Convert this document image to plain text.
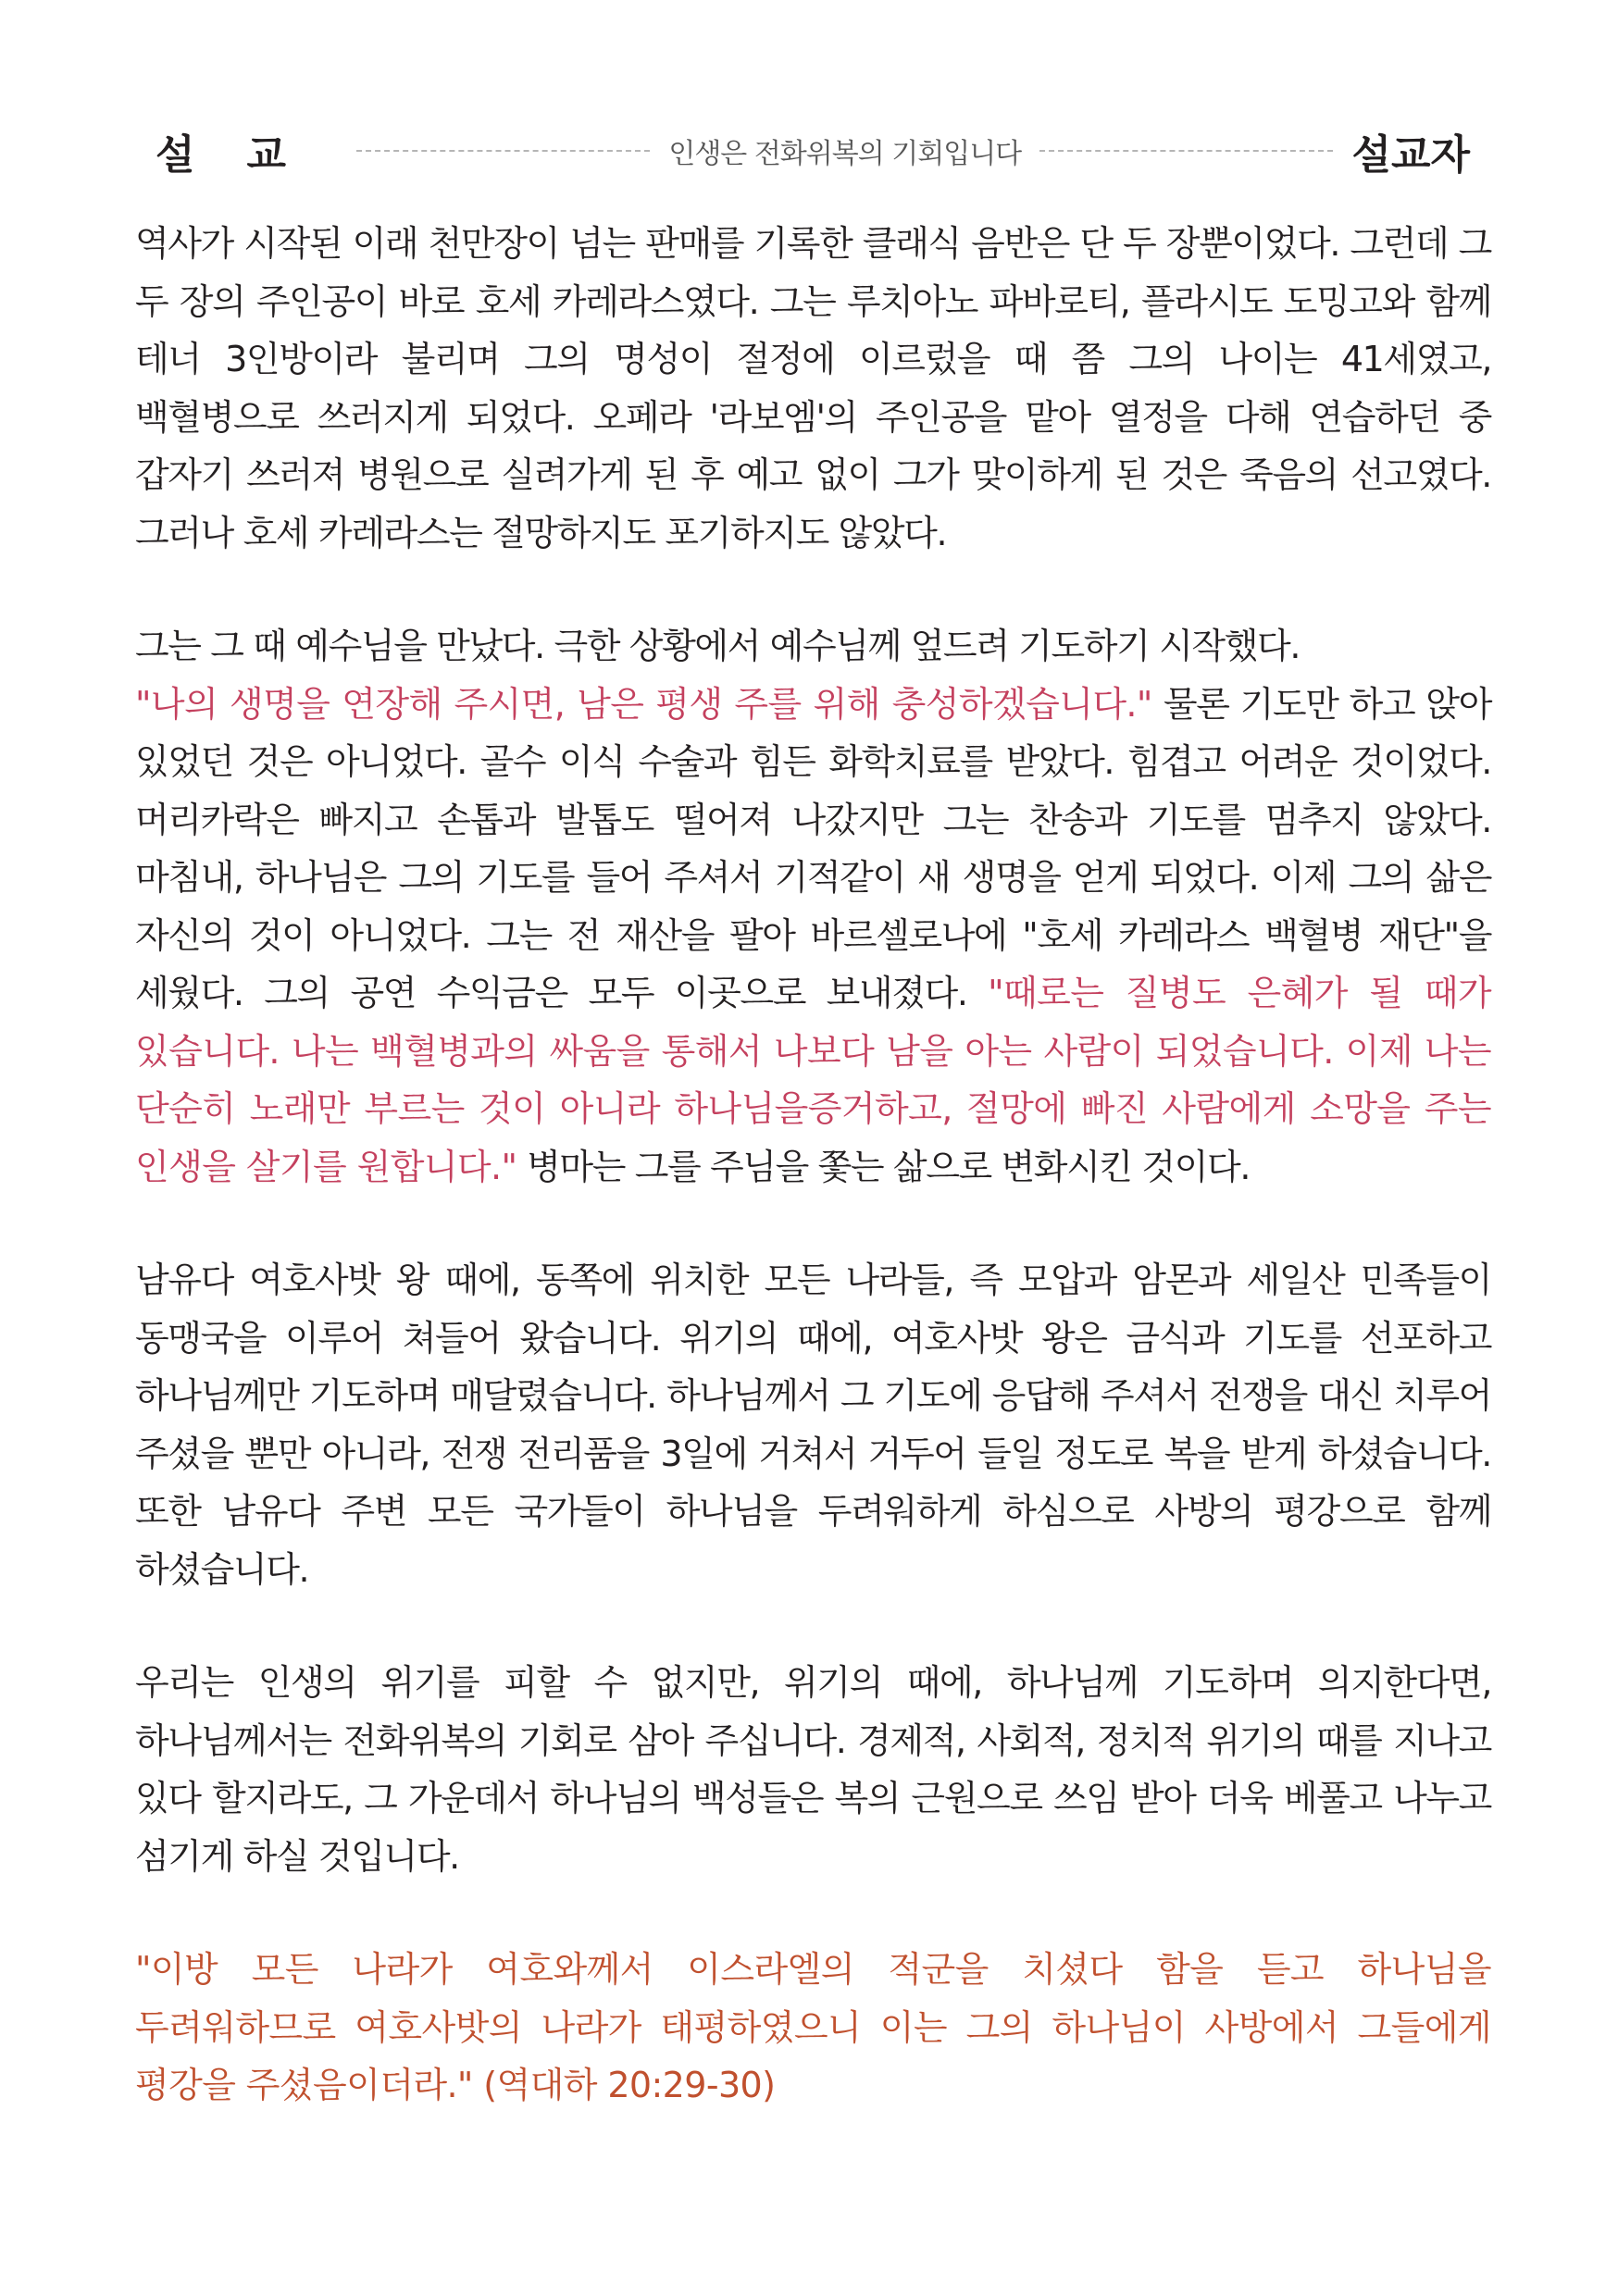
설교	인생은 전화위복의 기회입니다	설교자

역사가 시작된 이래 천만장이 넘는 판매를 기록한 클래식 음반은 단 두 장뿐이었다. 그런데 그 두 장의 주인공이 바로 호세 카레라스였다. 그는 루치아노 파바로티, 플라시도 도밍고와 함께 테너 3인방이라 불리며 그의 명성이 절정에 이르렀을 때 쯤 그의 나이는 41세였고, 백혈병으로 쓰러지게 되었다. 오페라 '라보엠'의 주인공을 맡아 열정을 다해 연습하던 중 갑자기 쓰러져 병원으로 실려가게 된 후 예고 없이 그가 맞이하게 된 것은 죽음의 선고였다. 그러나 호세 카레라스는 절망하지도 포기하지도 않았다.

그는 그 때 예수님을 만났다. 극한 상황에서 예수님께 엎드려 기도하기 시작했다.
"나의 생명을 연장해 주시면, 남은 평생 주를 위해 충성하겠습니다." 물론 기도만 하고 앉아 있었던 것은 아니었다. 골수 이식 수술과 힘든 화학치료를 받았다. 힘겹고 어려운 것이었다. 머리카락은 빠지고 손톱과 발톱도 떨어져 나갔지만 그는 찬송과 기도를 멈추지 않았다. 마침내, 하나님은 그의 기도를 들어 주셔서 기적같이 새 생명을 얻게 되었다. 이제 그의 삶은 자신의 것이 아니었다. 그는 전 재산을 팔아 바르셀로나에 "호세 카레라스 백혈병 재단"을 세웠다. 그의 공연 수익금은 모두 이곳으로 보내졌다. "때로는 질병도 은혜가 될 때가 있습니다. 나는 백혈병과의 싸움을 통해서 나보다 남을 아는 사람이 되었습니다. 이제 나는 단순히 노래만 부르는 것이 아니라 하나님을증거하고, 절망에 빠진 사람에게 소망을 주는 인생을 살기를 원합니다." 병마는 그를 주님을 쫓는 삶으로 변화시킨 것이다.

남유다 여호사밧 왕 때에, 동쪽에 위치한 모든 나라들, 즉 모압과 암몬과 세일산 민족들이 동맹국을 이루어 쳐들어 왔습니다. 위기의 때에, 여호사밧 왕은 금식과 기도를 선포하고 하나님께만 기도하며 매달렸습니다. 하나님께서 그 기도에 응답해 주셔서 전쟁을 대신 치루어 주셨을 뿐만 아니라, 전쟁 전리품을 3일에 거쳐서 거두어 들일 정도로 복을 받게 하셨습니다. 또한 남유다 주변 모든 국가들이 하나님을 두려워하게 하심으로 사방의 평강으로 함께 하셨습니다.

우리는 인생의 위기를 피할 수 없지만, 위기의 때에, 하나님께 기도하며 의지한다면, 하나님께서는 전화위복의 기회로 삼아 주십니다. 경제적, 사회적, 정치적 위기의 때를 지나고 있다 할지라도, 그 가운데서 하나님의 백성들은 복의 근원으로 쓰임 받아 더욱 베풀고 나누고 섬기게 하실 것입니다.

"이방 모든 나라가 여호와께서 이스라엘의 적군을 치셨다 함을 듣고 하나님을 두려워하므로 여호사밧의 나라가 태평하였으니 이는 그의 하나님이 사방에서 그들에게 평강을 주셨음이더라." (역대하 20:29-30)
